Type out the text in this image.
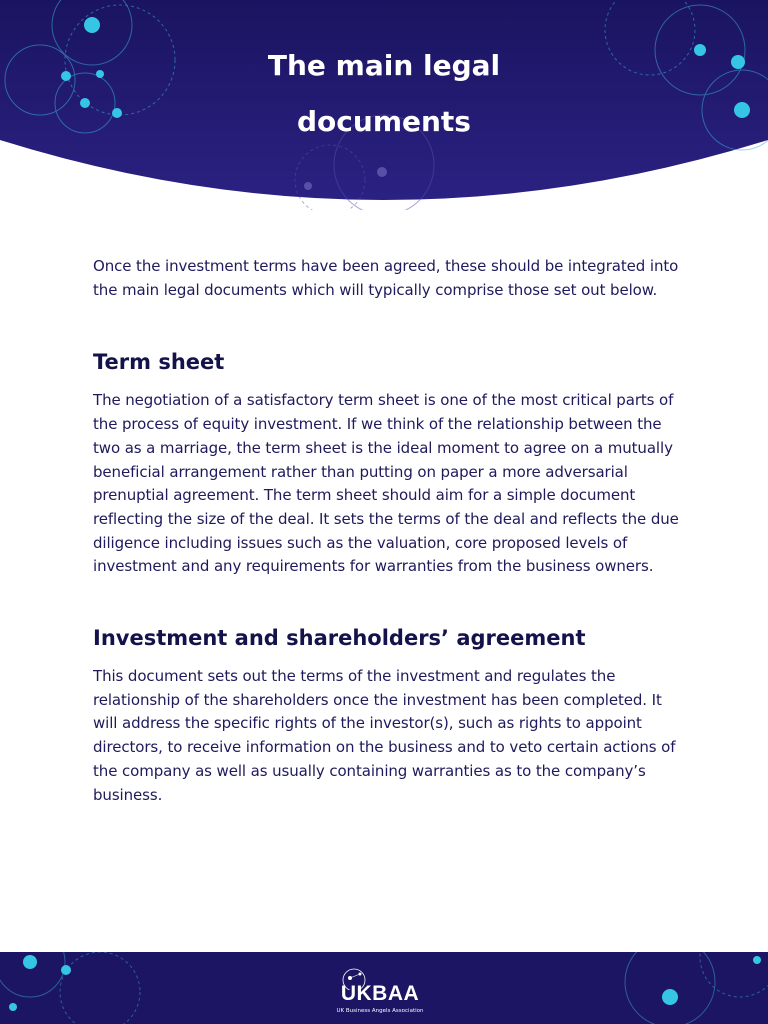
The main legal
documents

Once the investment terms have been agreed, these should be integrated into the main legal documents which will typically comprise those set out below.

Term sheet

The negotiation of a satisfactory term sheet is one of the most critical parts of the process of equity investment. If we think of the relationship between the two as a marriage, the term sheet is the ideal moment to agree on a mutually beneficial arrangement rather than putting on paper a more adversarial prenuptial agreement. The term sheet should aim for a simple document reflecting the size of the deal. It sets the terms of the deal and reflects the due diligence including issues such as the valuation, core proposed levels of investment and any requirements for warranties from the business owners.

Investment and shareholders’ agreement

This document sets out the terms of the investment and regulates the relationship of the shareholders once the investment has been completed. It will address the specific rights of the investor(s), such as rights to appoint directors, to receive information on the business and to veto certain actions of the company as well as usually containing warranties as to the company’s business.

UKBAA
UK Business Angels Association
